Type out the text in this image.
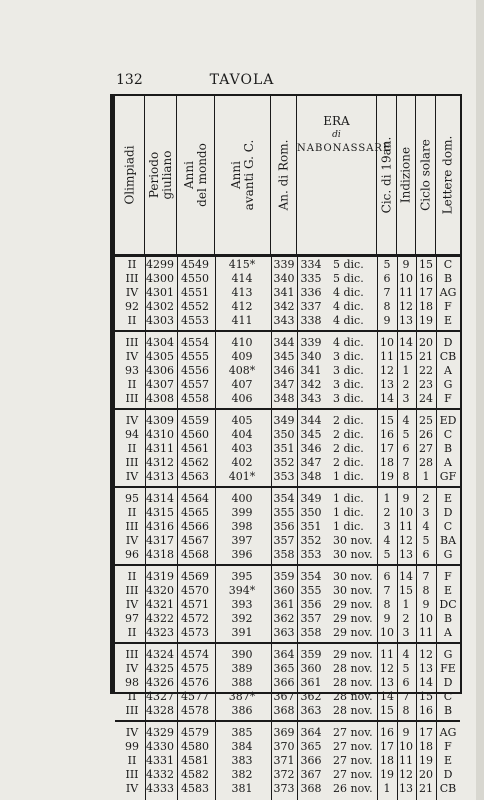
132	TAVOLA
Olimpiadi Periodo
giuliano Anni
del mondo Anni
avanti G. C. An. di Rom.
ERA
di
NABONASSARE
Cic. di 19an. Indizione Ciclo solare Lettere dom.
II 4299 4549	415*	339 334	5 dic.	5	9 15 C
III 4300 4550	414	340 335	5 dic.	6 10 16 B
IV 4301 4551	413	341 336	4 dic.	7 11 17 AG
92 4302 4552	412	342 337	4 dic.	8 12 18	F
II 4303 4553	411	343 338	4 dic.	9 13 19 E
III 4304 4554	410	344 339	4 dic.	10 14 20 D
IV 4305 4555	409	345 340	3 dic.	11 15 21 CB
93 4306 4556	408*	346 341	3 dic.	12 1 22	A
II 4307 4557	407	347 342	3 dic.	13 2 23 G
III 4308 4558	406	348 343	3 dic.	14 3 24	F
IV 4309 4559	405	349 344	2 dic.	15 4 25 ED
94 4310 4560	404	350 345	2 dic.	16 5 26 C
II 4311 4561	403	351 346	2 dic.	17 6 27 B
III 4312 4562	402	352 347	2 dic.	18 7 28	A
IV 4313 4563	401*	353 348	1 dic.	19 8	1 GF
95 4314 4564	400	354 349	1 dic.	1	9	2	E
II 4315 4565	399	355 350	1 dic.	2 10 3	D
III 4316 4566	398	356 351	1 dic.	3 11 4	C
IV 4317 4567	397	357 352	30 nov. 4 12 5 BA
96 4318 4568	396	358 353	30 nov. 5 13 6	G
II 4319 4569	395	359 354	30 nov. 6 14 7	F
III 4320 4570	394*	360 355	30 nov. 7 15 8	E
IV 4321 4571	393	361 356	29 nov. 8	1	9 DC
97 4322 4572	392	362 357	29 nov. 9	2 10 B
II 4323 4573	391	363 358	29 nov. 10 3 11	A
III 4324 4574	390	364 359	29 nov. 11 4 12 G
IV 4325 4575	389	365 360	28 nov. 12 5 13 FE
98 4326 4576	388	366 361	28 nov. 13 6 14 D
II 4327 4577	387*	367 362	28 nov. 14 7 15 C
III 4328 4578	386	368 363	28 nov. 15 8 16 B
IV 4329 4579	385	369 364	27 nov. 16 9 17 AG
99 4330 4580	384	370 365	27 nov. 17 10 18	F
II 4331 4581	383	371 366	27 nov. 18 11 19 E
III 4332 4582	382	372 367	27 nov. 19 12 20 D
IV 4333 4583	381	373 368	26 nov. 1 13 21 CB
